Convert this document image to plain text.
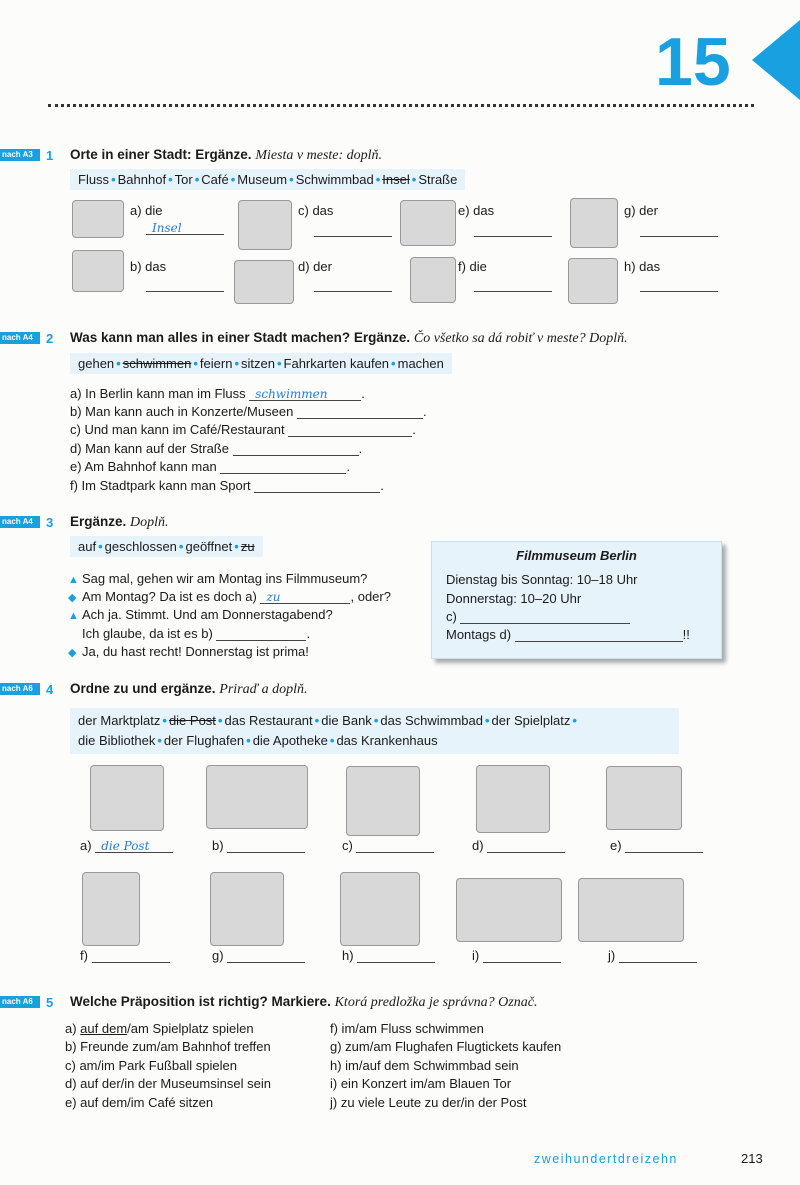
15
nach A3	1 Orte in einer Stadt: Ergänze. Miesta v meste: doplň.
Fluss • Bahnhof • Tor • Café • Museum • Schwimmbad • Insel • Straße
a) die
Insel
b) das
c) das
d) der
e) das
f) die
g) der
h) das
nach A4	2 Was kann man alles in einer Stadt machen? Ergänze. Čo všetko sa dá robiť v meste? Doplň.
gehen • schwimmen • feiern • sitzen • Fahrkarten kaufen • machen
a) In Berlin kann man im Fluss schwimmen	.
b) Man kann auch in Konzerte/Museen	.
c) Und man kann im Café/Restaurant	.
d) Man kann auf der Straße	.
e) Am Bahnhof kann man	.
f) Im Stadtpark kann man Sport	.
nach A4	3 Ergänze. Doplň.
auf • geschlossen • geöffnet • zu
▲ Sag mal, gehen wir am Montag ins Filmmuseum?
◆ Am Montag? Da ist es doch a) zu	, oder?
▲ Ach ja. Stimmt. Und am Donnerstagabend?
Ich glaube, da ist es b)	.
◆ Ja, du hast recht! Donnerstag ist prima!
Filmmuseum Berlin
Dienstag bis Sonntag: 10–18 Uhr
Donnerstag: 10–20 Uhr
c)
Montags d)	!!
nach A6	4 Ordne zu und ergänze. Priraď a doplň.
der Marktplatz • die Post • das Restaurant • die Bank • das Schwimmbad • der Spielplatz •
die Bibliothek • der Flughafen • die Apotheke • das Krankenhaus
a) die Post	b)	c)	d)	e)
f)	g)	h)	i)	j)
nach A6	5 Welche Präposition ist richtig? Markiere. Ktorá predložka je správna? Označ.
a) auf dem/am Spielplatz spielen
b) Freunde zum/am Bahnhof treffen
c) am/im Park Fußball spielen
d) auf der/in der Museumsinsel sein
e) auf dem/im Café sitzen
f) im/am Fluss schwimmen
g) zum/am Flughafen Flugtickets kaufen
h) im/auf dem Schwimmbad sein
i) ein Konzert im/am Blauen Tor
j) zu viele Leute zu der/in der Post
zweihundertdreizehn	213
